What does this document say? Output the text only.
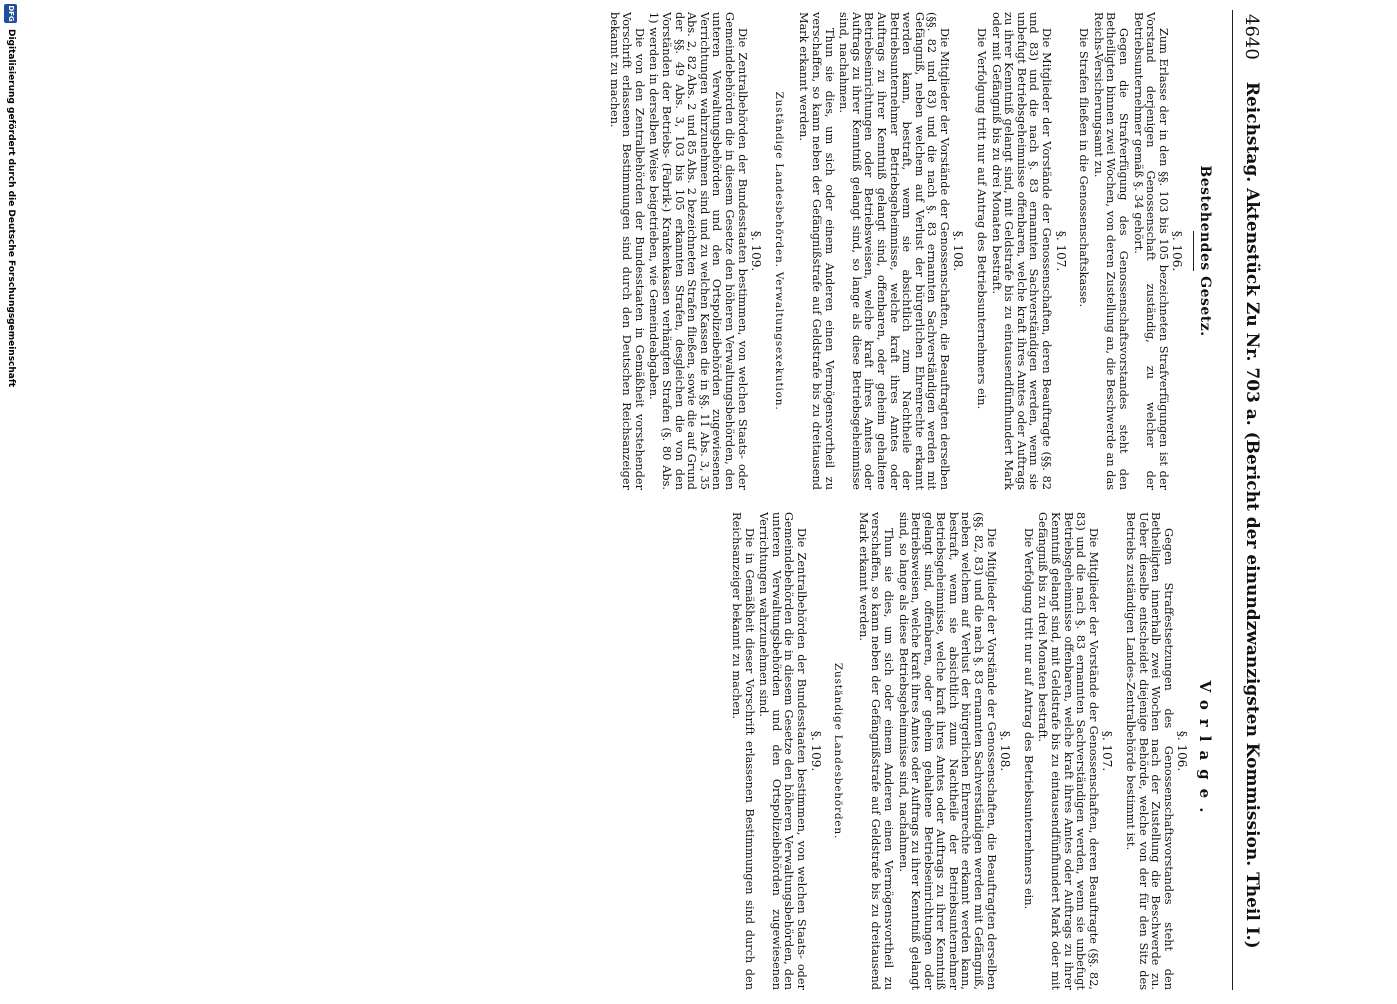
4640
Reichstag. Aktenstück Zu Nr. 703 a. (Bericht der einundzwanzigsten Kommission. Theil I.)
Bestehendes Gesetz.
§. 106.

Zum Erlasse der in den §§. 103 bis 105 bezeichneten Strafverfügungen ist der Vorstand derjenigen Genossenschaft zuständig, zu welcher der Betriebsunternehmer gemäß §. 34 gehört.

Gegen die Strafverfügung des Genossenschaftsvorstandes steht den Betheiligten binnen zwei Wochen, von deren Zustellung an, die Beschwerde an das Reichs-Versicherungsamt zu.

Die Strafen fließen in die Genossenschaftskasse.

§. 107.

Die Mitglieder der Vorstände der Genossenschaften, deren Beauftragte (§§. 82 und 83) und die nach §. 83 ernannten Sachverständigen werden, wenn sie unbefugt Betriebsgeheimnisse offenbaren, welche kraft ihres Amtes oder Auftrags zu ihrer Kenntniß gelangt sind, mit Geldstrafe bis zu eintausendfünfhundert Mark oder mit Gefängniß bis zu drei Monaten bestraft.

Die Verfolgung tritt nur auf Antrag des Betriebsunternehmers ein.

§. 108.

Die Mitglieder der Vorstände der Genossenschaften, die Beauftragten derselben (§§. 82 und 83) und die nach §. 83 ernannten Sachverständigen werden mit Gefängniß, neben welchem auf Verlust der bürgerlichen Ehrenrechte erkannt werden kann, bestraft, wenn sie absichtlich zum Nachtheile der Betriebsunternehmer Betriebsgeheimnisse, welche kraft ihres Amtes oder Auftrags zu ihrer Kenntniß gelangt sind, offenbaren, oder geheim gehaltene Betriebseinrichtungen oder Betriebsweisen, welche kraft ihres Amtes oder Auftrags zu ihrer Kenntniß gelangt sind, so lange als diese Betriebsgeheimnisse sind, nachahmen.

Thun sie dies, um sich oder einem Anderen einen Vermögensvortheil zu verschaffen, so kann neben der Gefängnißstrafe auf Geldstrafe bis zu dreitausend Mark erkannt werden.

Zuständige Landesbehörden. Verwaltungsexekution.
§. 109.

Die Zentralbehörden der Bundesstaaten bestimmen, von welchen Staats- oder Gemeindebehörden die in diesem Gesetze den höheren Verwaltungsbehörden, den unteren Verwaltungsbehörden und den Ortspolizeibehörden zugewiesenen Verrichtungen wahrzunehmen sind und zu welchen Kassen die in §§. 11 Abs. 3, 35 Abs. 2, 82 Abs. 2 und 85 Abs. 2 bezeichneten Strafen fließen, sowie die auf Grund der §§. 49 Abs. 3, 103 bis 105 erkannten Strafen, desgleichen die von den Vorständen der Betriebs- (Fabrik-) Krankenkassen verhängten Strafen (§. 80 Abs. 1) werden in derselben Weise beigetrieben, wie Gemeindeabgaben.

Die von den Zentralbehörden der Bundesstaaten in Gemäßheit vorstehender Vorschrift erlassenen Bestimmungen sind durch den Deutschen Reichsanzeiger bekannt zu machen.

Vorlage.
§. 106.

Gegen Straffestsetzungen des Genossenschaftsvorstandes steht den Betheiligten innerhalb zwei Wochen nach der Zustellung die Beschwerde zu. Ueber dieselbe entscheidet diejenige Behörde, welche von der für den Sitz des Betriebs zuständigen Landes-Zentralbehörde bestimmt ist.

§. 107.

Die Mitglieder der Vorstände der Genossenschaften, deren Beauftragte (§§. 82, 83) und die nach §. 83 ernannten Sachverständigen werden, wenn sie unbefugt Betriebsgeheimnisse offenbaren, welche kraft ihres Amtes oder Auftrags zu ihrer Kenntniß gelangt sind, mit Geldstrafe bis zu eintausendfünfhundert Mark oder mit Gefängniß bis zu drei Monaten bestraft.

Die Verfolgung tritt nur auf Antrag des Betriebsunternehmers ein.

§. 108.

Die Mitglieder der Vorstände der Genossenschaften, die Beauftragten derselben (§§. 82, 83) und die nach §. 83 ernannten Sachverständigen werden mit Gefängniß, neben welchem auf Verlust der bürgerlichen Ehrenrechte erkannt werden kann, bestraft, wenn sie absichtlich zum Nachtheile der Betriebsunternehmer Betriebsgeheimnisse, welche kraft ihres Amtes oder Auftrags zu ihrer Kenntniß gelangt sind, offenbaren, oder geheim gehaltene Betriebseinrichtungen oder Betriebsweisen, welche kraft ihres Amtes oder Auftrags zu ihrer Kenntniß gelangt sind, so lange als diese Betriebsgeheimnisse sind, nachahmen.

Thun sie dies, um sich oder einem Anderen einen Vermögensvortheil zu verschaffen, so kann neben der Gefängnißstrafe auf Geldstrafe bis zu dreitausend Mark erkannt werden.

Zuständige Landesbehörden.
§. 109.

Die Zentralbehörden der Bundesstaaten bestimmen, von welchen Staats- oder Gemeindebehörden die in diesem Gesetze den höheren Verwaltungsbehörden, den unteren Verwaltungsbehörden und den Ortspolizeibehörden zugewiesenen Verrichtungen wahrzunehmen sind.

Die in Gemäßheit dieser Vorschrift erlassenen Bestimmungen sind durch den Reichsanzeiger bekannt zu machen.

DFG
Digitalisierung gefördert durch die Deutsche Forschungsgemeinschaft
